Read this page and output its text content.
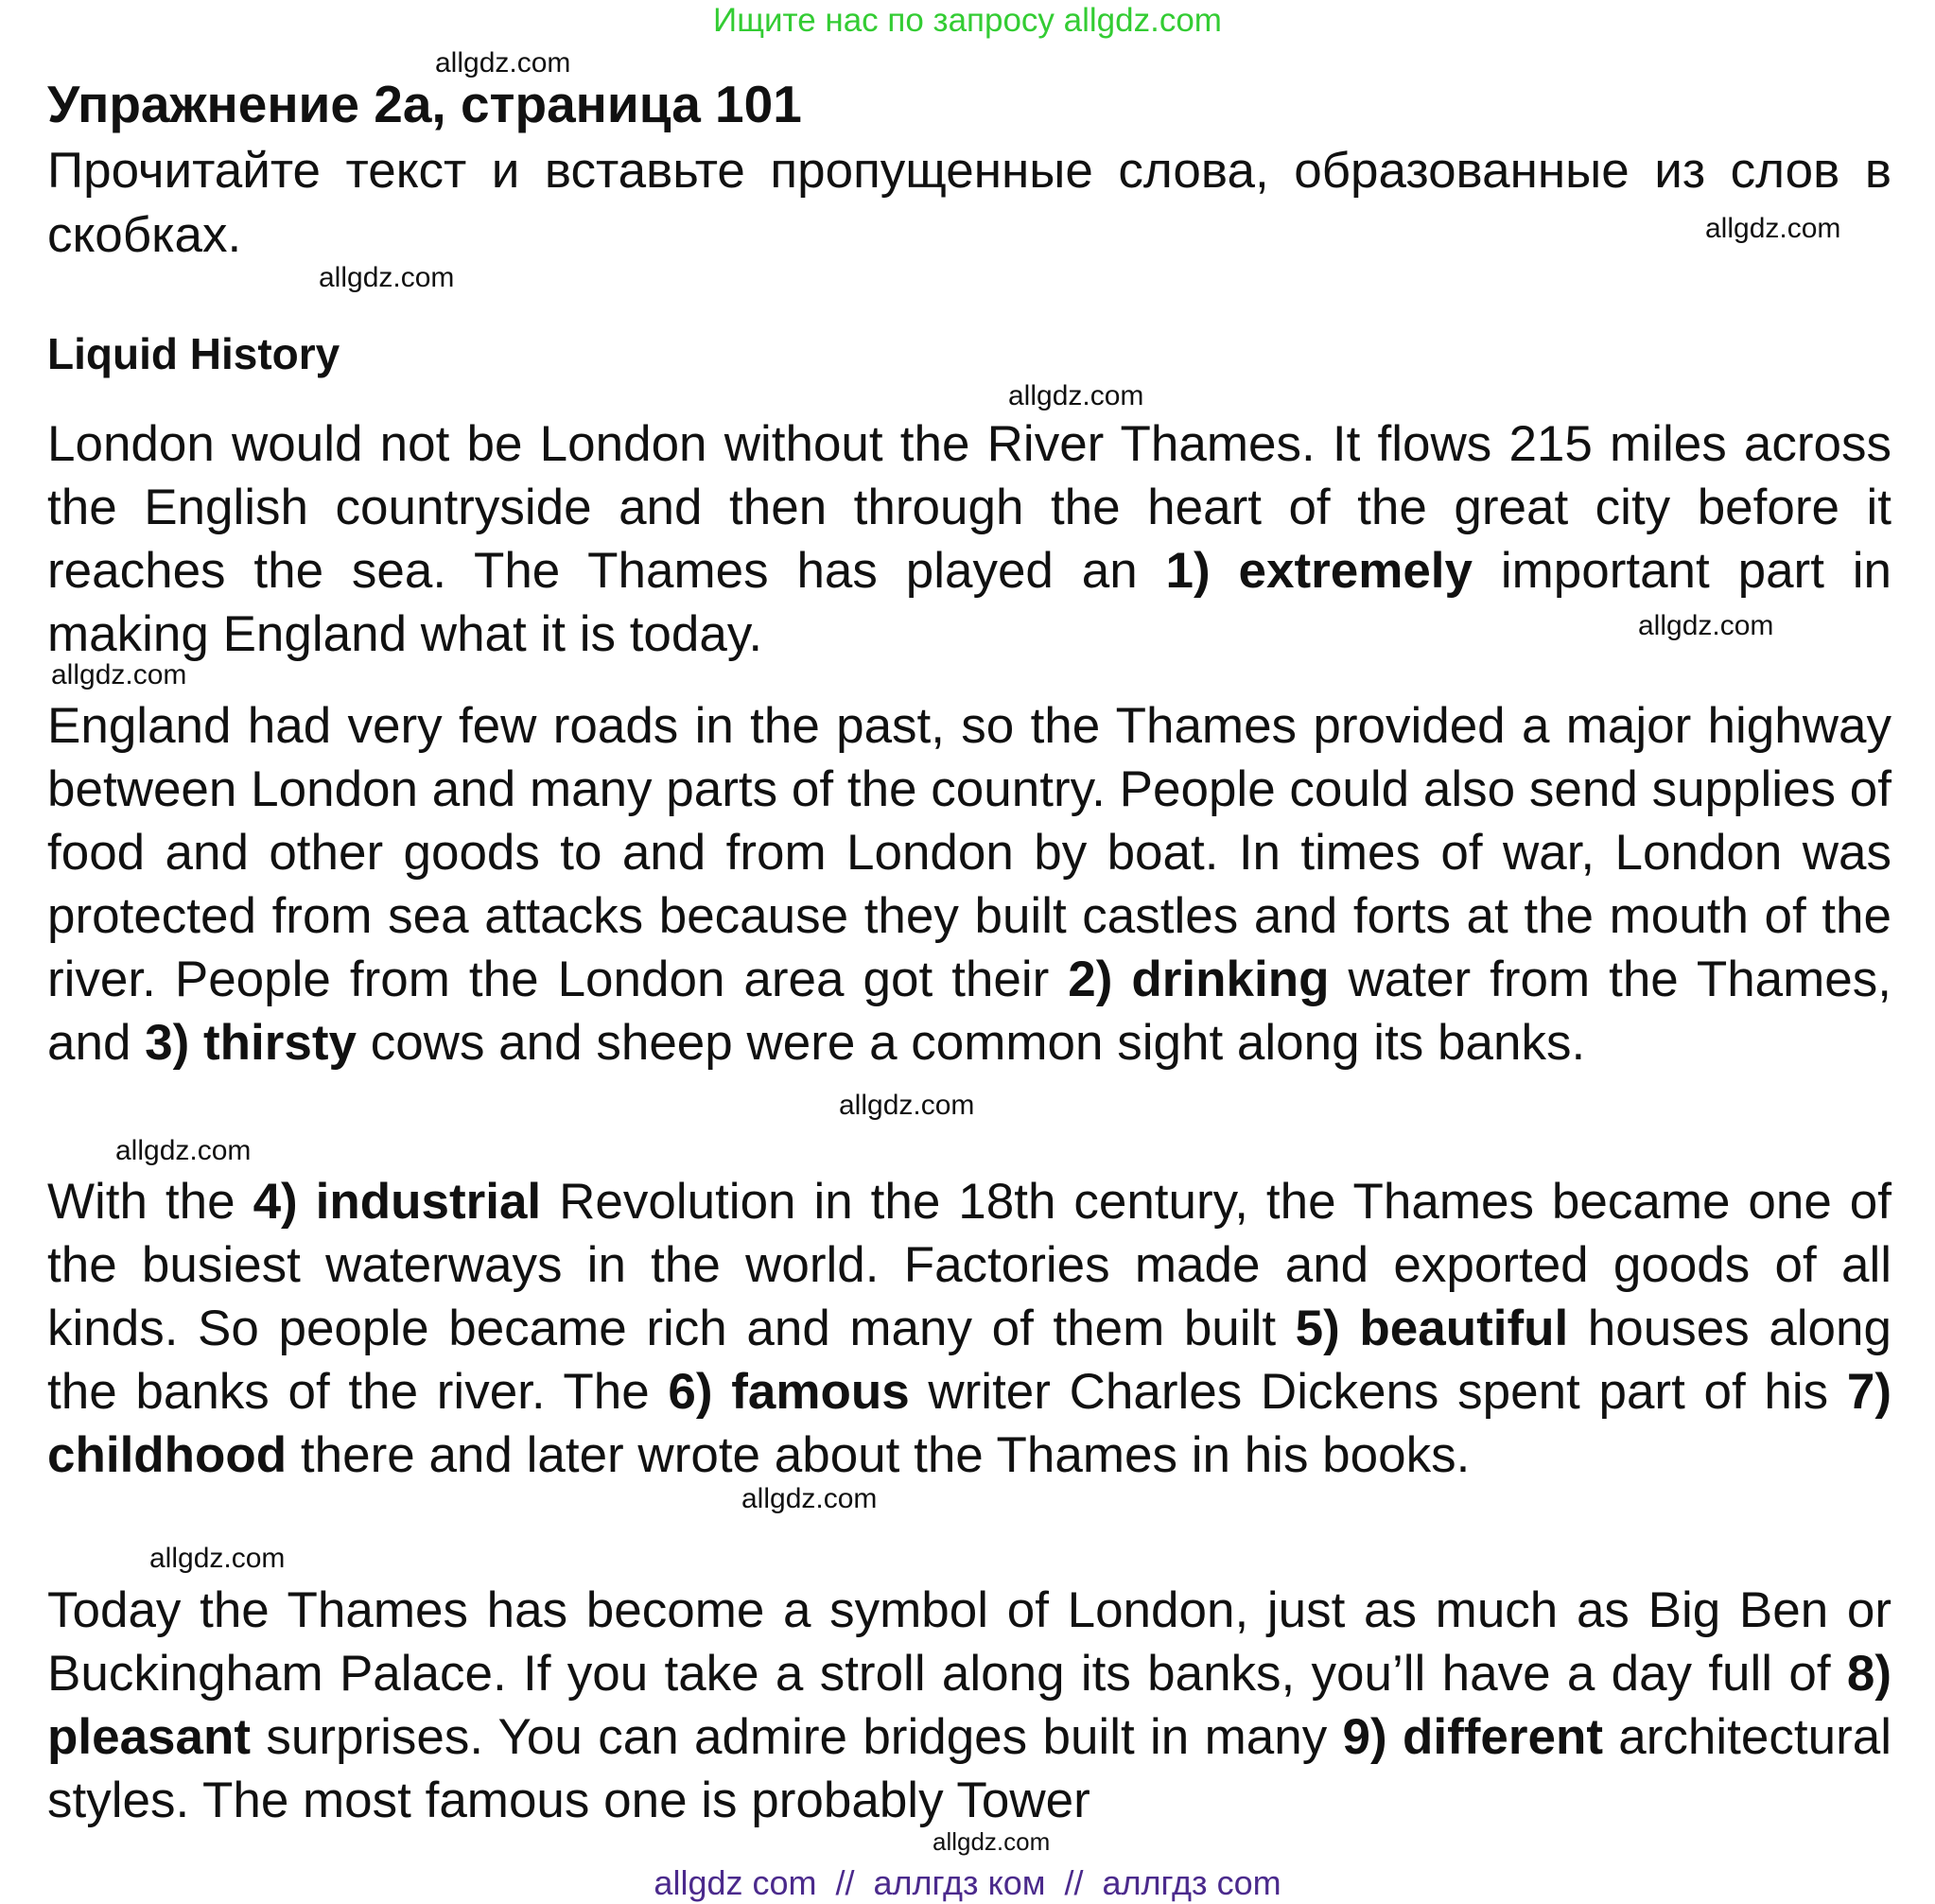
Ищите нас по запросу allgdz.com
allgdz.com
Упражнение 2a, страница 101

Прочитайте текст и вставьте пропущенные слова, образованные из слов в скобках.	allgdz.com
allgdz.com
Liquid History
allgdz.com

London would not be London without the River Thames. It flows 215 miles across the English countryside and then through the heart of the great city before it reaches the sea. The Thames has played an 1) extremely important part in making England what it is today.	allgdz.com
allgdz.com

England had very few roads in the past, so the Thames provided a major highway between London and many parts of the country. People could also send supplies of food and other goods to and from London by boat. In times of war, London was protected from sea attacks because they built castles and forts at the mouth of the river. People from the London area got their 2) drinking water from the Thames, and 3) thirsty cows and sheep were a common sight along its banks.

allgdz.com
allgdz.com

With the 4) industrial Revolution in the 18th century, the Thames became one of the busiest waterways in the world. Factories made and exported goods of all kinds. So people became rich and many of them built 5) beautiful houses along the banks of the river. The 6) famous writer Charles Dickens spent part of his 7) childhood there and later wrote about the Thames in his books.

allgdz.com
allgdz.com

Today the Thames has become a symbol of London, just as much as Big Ben or Buckingham Palace. If you take a stroll along its banks, you’ll have a day full of 8) pleasant surprises. You can admire bridges built in many 9) different architectural styles. The most famous one is probably Tower

allgdz.com
allgdz com  //  аллгдз ком  //  аллгдз com
